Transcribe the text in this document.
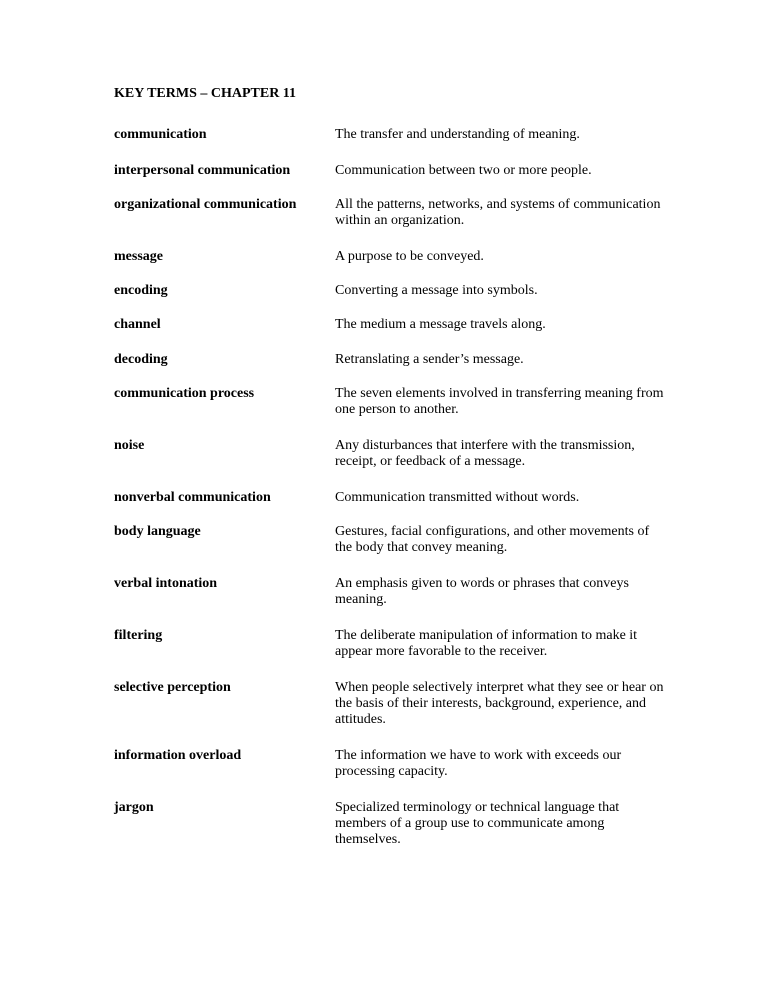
KEY TERMS – CHAPTER 11
communication	The transfer and understanding of meaning.
interpersonal communication	Communication between two or more people.
organizational communication	All the patterns, networks, and systems of communication within an organization.
message	A purpose to be conveyed.
encoding	Converting a message into symbols.
channel	The medium a message travels along.
decoding	Retranslating a sender’s message.
communication process	The seven elements involved in transferring meaning from one person to another.
noise	Any disturbances that interfere with the transmission, receipt, or feedback of a message.
nonverbal communication	Communication transmitted without words.
body language	Gestures, facial configurations, and other movements of the body that convey meaning.
verbal intonation	An emphasis given to words or phrases that conveys meaning.
filtering	The deliberate manipulation of information to make it appear more favorable to the receiver.
selective perception	When people selectively interpret what they see or hear on the basis of their interests, background, experience, and attitudes.
information overload	The information we have to work with exceeds our processing capacity.
jargon	Specialized terminology or technical language that members of a group use to communicate among themselves.
